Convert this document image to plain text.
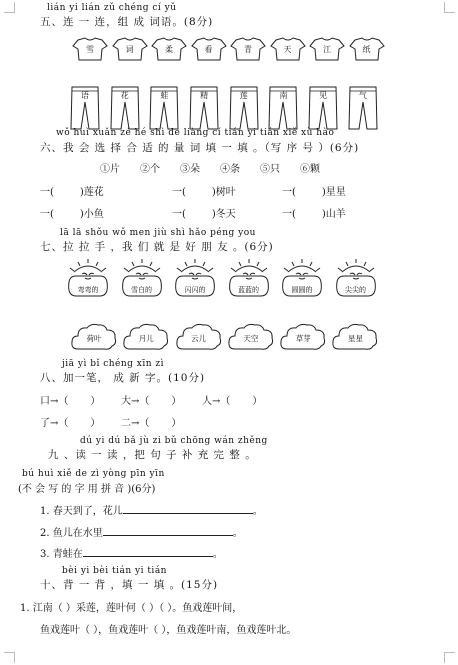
lián yi lián zǔ chéng cí yǔ
五、连 一 连，组 成 词语。(8分)
雪	词	柔	看	青	天	江	纸
语	花	蛙	精	莲	南	见	气
wǒ huì xuǎn zé hé shì de liàng cí tián yi tián xiě xù hào
六、我 会 选 择 合 适 的 量 词 填 一 填 。（写 序 号 ）(6分)
①片 ②个 ③朵 ④条 ⑤只 ⑥颗
一(	)莲花	一(	)树叶	一(	)星星
一(	)小鱼	一(	)冬天	一(	)山羊
lā lā shǒu wǒ men jiù shì hǎo péng you
七、拉 拉 手 ，我 们 就 是 好 朋 友 。(6分)
弯弯的	雪白的	闪闪的	蓝蓝的	圆圆的	尖尖的
荷叶	月儿	云儿	天空	草芽	星星
jiā yì bǐ chéng xīn zì
八、加一笔， 成 新 字。(10分)
口→（ ） 大→（ ） 人→（ ）
了→（ ） 二→（ ）
dú yi dú bǎ jù zi bǔ chōng wán zhěng
九 、读 一 读 ，把 句 子 补 充 完 整 。
bú huì xiě de zì yòng pīn yīn
(不 会 写 的 字 用 拼 音 )(6分)
1. 春天到了，花儿	。
2. 鱼儿在水里	。
3. 青蛙在	。
bèi yi bèi tián yi tián
十、背 一 背 ，填 一 填 。(15分)
1. 江南（ ）采莲，莲叶何（ ）（ ）。鱼戏莲叶间，
鱼戏莲叶（ ），鱼戏莲叶（ ），鱼戏莲叶南，鱼戏莲叶北。
